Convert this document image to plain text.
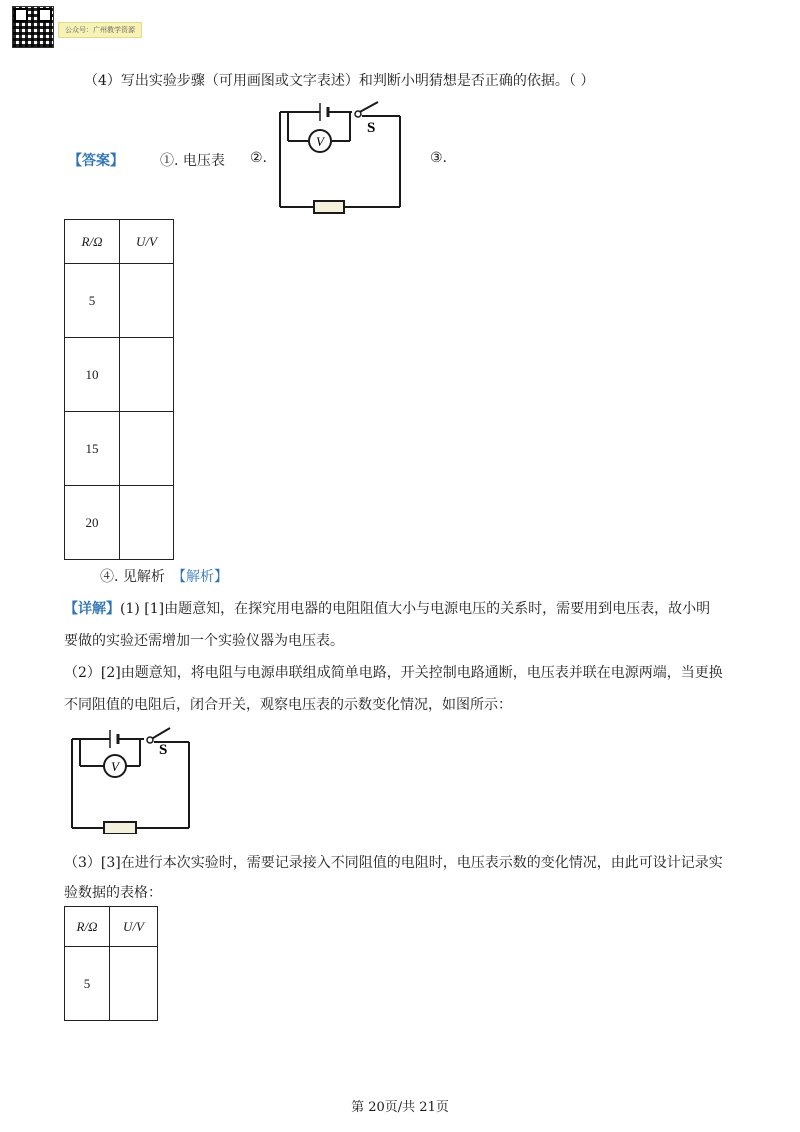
公众号：广州教学资源
（4）写出实验步骤（可用画图或文字表述）和判断小明猜想是否正确的依据。（ ）
【答案】	①. 电压表 ②.	③.
V
S
R/Ω	U/V
5	
10	
15	
20	
④. 见解析 【解析】
【详解】(1) [1]由题意知，在探究用电器的电阻阻值大小与电源电压的关系时，需要用到电压表，故小明
要做的实验还需增加一个实验仪器为电压表。
（2）[2]由题意知，将电阻与电源串联组成简单电路，开关控制电路通断，电压表并联在电源两端，当更换
不同阻值的电阻后，闭合开关，观察电压表的示数变化情况，如图所示：
V
S
（3）[3]在进行本次实验时，需要记录接入不同阻值的电阻时，电压表示数的变化情况，由此可设计记录实
验数据的表格：
R/Ω	U/V
5	
第 20页/共 21页
